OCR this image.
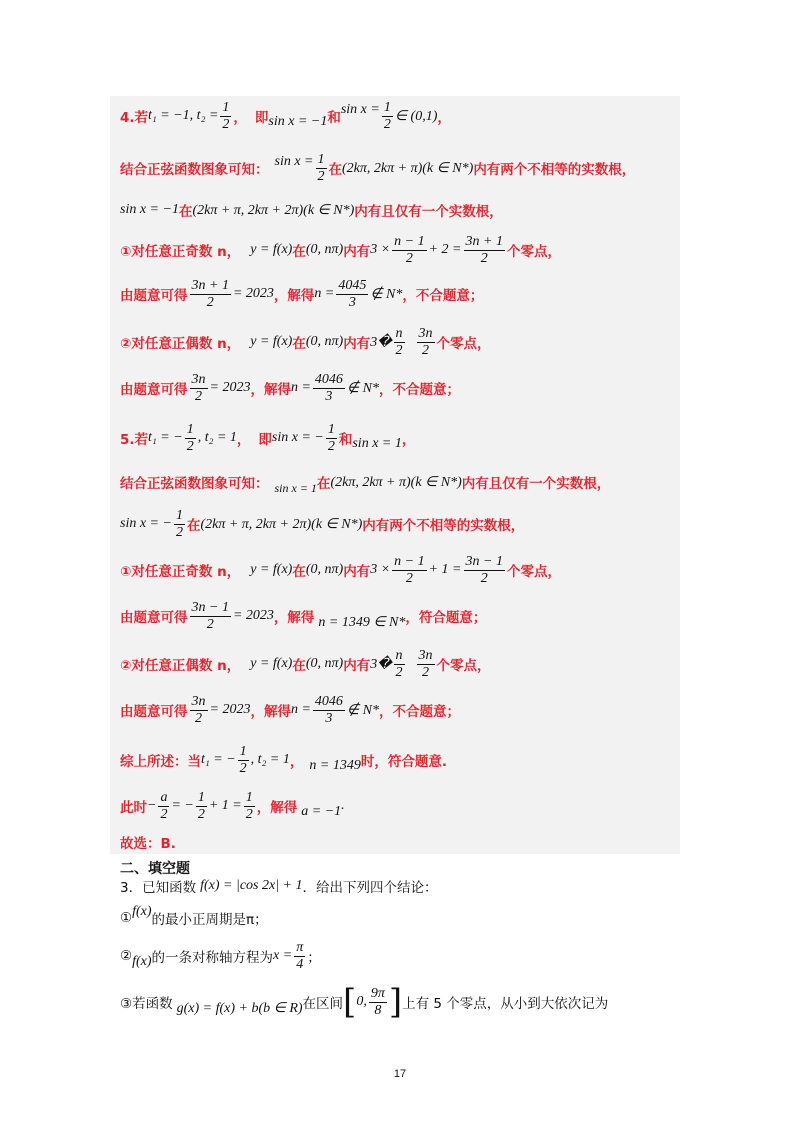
4.若 t₁ = −1, $t_2 = \frac{1}{2}$ ， 即 sin x = −1 和
$\sin x = \frac{1}{2}$ ∈ (0,1) ，
结合正弦函数图象可知：
$\sin x = \frac{1}{2}$ 在 (2kπ, 2kπ + π)(k ∈ N*) 内有两个不相等的实数根，
sin x = −1 在 (2kπ + π, 2kπ + 2π)(k ∈ N*) 内有且仅有一个实数根，
①对任意正奇数 n， y = f(x) 在 (0, nπ) 内有 $3 \times \frac{n - 1}{2} + 2 = \frac{3n + 1}{2}$ 个零点，
由题意可得 $\frac{3n + 1}{2} = 2023$ ，解得 $n = \frac{4045}{3}$ ∉ N* ，不合题意；
②对任意正偶数 n， y = f(x) 在 (0, nπ) 内有 3� $\frac{n}{2} \frac{3n}{2}$ 个零点，
由题意可得 $\frac{3n}{2} = 2023$ ，解得 $n = \frac{4046}{3}$ ∉ N* ，不合题意；
5.若 t₁ = − $\frac{1}{2}$ , t₂ = 1 ， 即 sin x = − $\frac{1}{2}$ 和 sin x = 1 ，
结合正弦函数图象可知： sin x = 1 在 (2kπ, 2kπ + π)(k ∈ N*) 内有且仅有一个实数根，
sin x = − $\frac{1}{2}$ 在 (2kπ + π, 2kπ + 2π)(k ∈ N*) 内有两个不相等的实数根，
①对任意正奇数 n， y = f(x) 在 (0, nπ) 内有 $3 \times \frac{n - 1}{2} + 1 = \frac{3n - 1}{2}$ 个零点，
由题意可得 $\frac{3n - 1}{2} = 2023$ ，解得 n = 1349 ∈ N* ，符合题意；
②对任意正偶数 n， y = f(x) 在 (0, nπ) 内有 3� $\frac{n}{2} \frac{3n}{2}$ 个零点，
由题意可得 $\frac{3n}{2} = 2023$ ，解得 $n = \frac{4046}{3}$ ∉ N* ，不合题意；
综上所述：当 t₁ = − $\frac{1}{2}$ , t₂ = 1 ， n = 1349 时，符合题意.
此时 − $\frac{a}{2}$ = − $\frac{1}{2} + 1 = \frac{1}{2}$ ，解得 a = −1 .
故选：B.
二、填空题
3．已知函数 f(x) = |cos 2x| + 1 ．给出下列四个结论：
① f(x)
的最小正周期是π；
② f(x) 的一条对称轴方程为 $x = \frac{\pi}{4}$ ；
③若函数 g(x) = f(x) + b(b ∈ R) 在区间 [ 0, $\frac{9\pi}{8}$ ] 上有 5 个零点，从小到大依次记为
17
